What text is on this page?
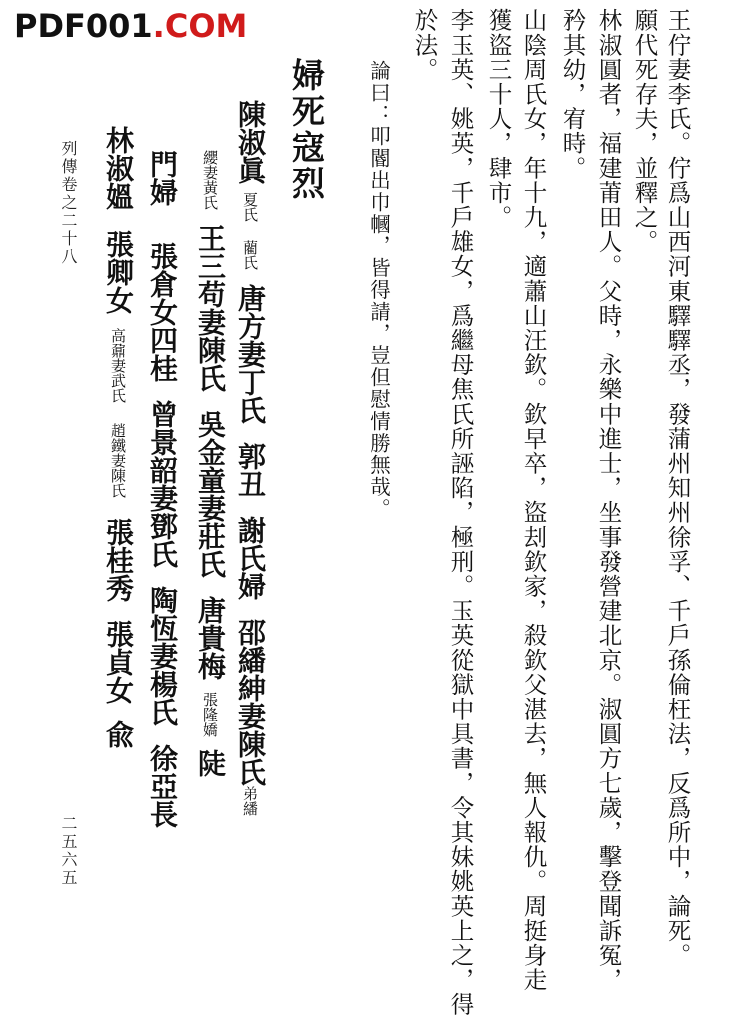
PDF001.COM	王佇妻李氏。佇爲山西河東驛驛丞，發蒲州知州徐孚、千戶孫倫枉法，反爲所中，論死。
願代死存夫，並釋之。
林淑圓者，福建莆田人。父時，永樂中進士，坐事發營建北京。淑圓方七歲，擊登聞訴冤，
矜其幼，宥時。
山陰周氏女，年十九，適蕭山汪欽。欽早卒，盜刦欽家，殺欽父湛去，無人報仇。周挺身走
獲盜三十人，肆市。
李玉英、姚英，千戶雄女，爲繼母焦氏所誣陷，極刑。玉英從獄中具書，令其妹姚英上之，得
於法。
論曰：叩閽出巾幗，皆得請，豈但慰情勝無哉。
婦死寇烈
陳淑眞夏氏藺氏唐方妻丁氏郭丑謝氏婦邵繙紳妻陳氏弟繙
纓妻黃氏王三苟妻陳氏吳金童妻莊氏唐貴梅張隆嬌陡
門婦張倉女四桂曾景韶妻鄧氏陶恆妻楊氏徐亞長
林淑媼張卿女高鼐妻武氏趙鐵妻陳氏張桂秀張貞女兪
列傳卷之二十八
二五六五
